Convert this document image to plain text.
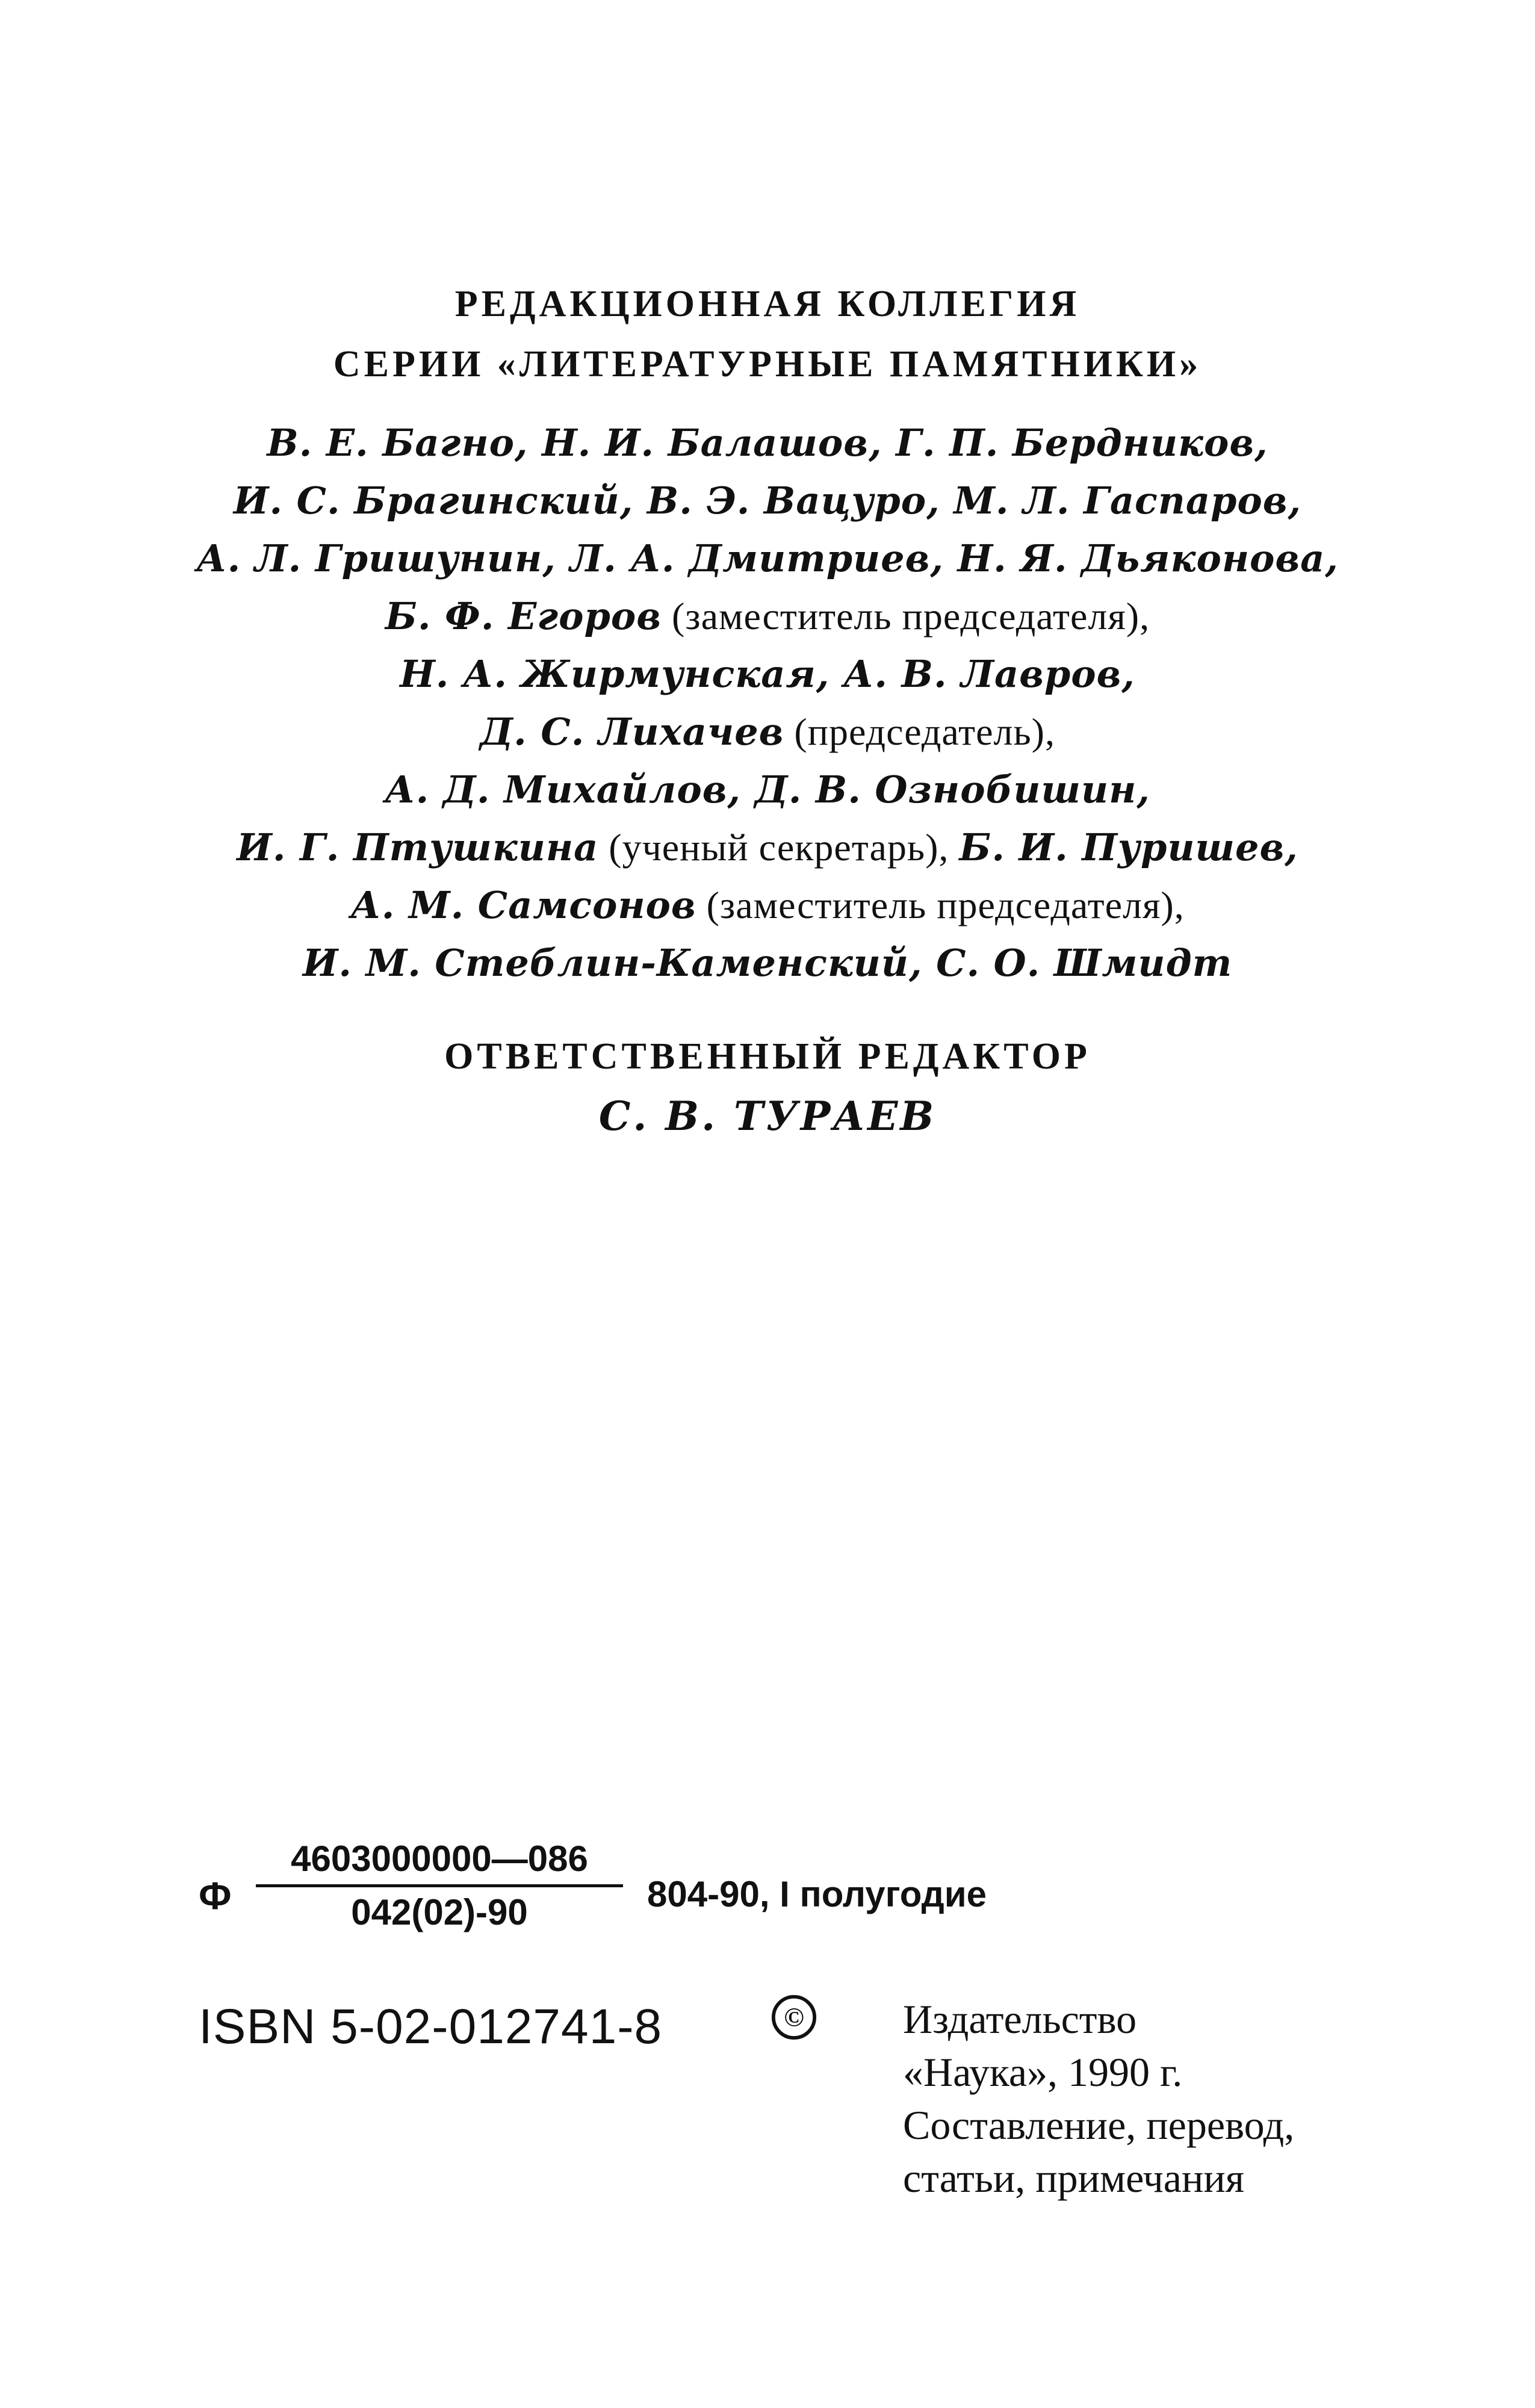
РЕДАКЦИОННАЯ КОЛЛЕГИЯ
СЕРИИ «ЛИТЕРАТУРНЫЕ ПАМЯТНИКИ»
В. Е. Багно, Н. И. Балашов, Г. П. Бердников,
И. С. Брагинский, В. Э. Вацуро, М. Л. Гаспаров,
А. Л. Гришунин, Л. А. Дмитриев, Н. Я. Дьяконова,
Б. Ф. Егоров (заместитель председателя),
Н. А. Жирмунская, А. В. Лавров,
Д. С. Лихачев (председатель),
А. Д. Михайлов, Д. В. Ознобишин,
И. Г. Птушкина (ученый секретарь), Б. И. Пуришев,
А. М. Самсонов (заместитель председателя),
И. М. Стеблин-Каменский, С. О. Шмидт
ОТВЕТСТВЕННЫЙ РЕДАКТОР
С. В. ТУРАЕВ
Ф
4603000000—086
042(02)-90	804-90, I полугодие
ISBN 5-02-012741-8	© Издательство
«Наука», 1990 г.
Составление, перевод,
статьи, примечания
